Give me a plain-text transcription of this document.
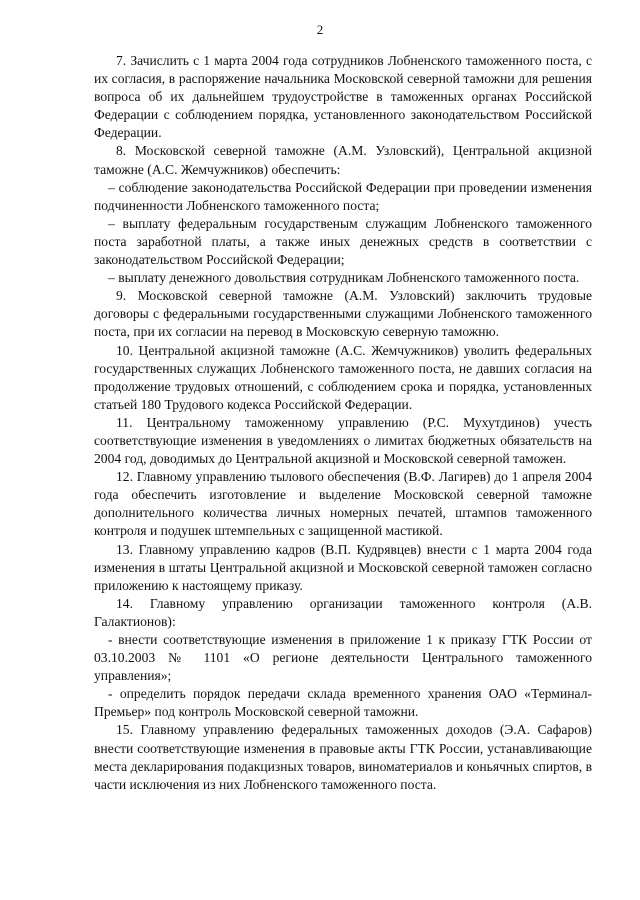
2

7. Зачислить с 1 марта 2004 года сотрудников Лобненского таможенного поста, с их согласия, в распоряжение начальника Московской северной таможни для решения вопроса об их дальнейшем трудоустройстве в таможенных органах Российской Федерации с соблюдением порядка, установленного законодательством Российской Федерации.

8. Московской северной таможне (А.М. Узловский), Центральной акцизной таможне (А.С. Жемчужников) обеспечить:

– соблюдение законодательства Российской Федерации при проведении изменения подчиненности Лобненского таможенного поста;

– выплату федеральным государственым служащим Лобненского таможенного поста заработной платы, а также иных денежных средств в соответствии с законодательством Российской Федерации;

– выплату денежного довольствия сотрудникам Лобненского таможенного поста.

9. Московской северной таможне (А.М. Узловский) заключить трудовые договоры с федеральными государственными служащими Лобненского таможенного поста, при их согласии на перевод в Московскую северную таможню.

10. Центральной акцизной таможне (А.С. Жемчужников) уволить федеральных государственных служащих Лобненского таможенного поста, не давших согласия на продолжение трудовых отношений, с соблюдением срока и порядка, установленных статьей 180 Трудового кодекса Российской Федерации.

11. Центральному таможенному управлению (Р.С. Мухутдинов) учесть соответствующие изменения в уведомлениях о лимитах бюджетных обязательств на 2004 год, доводимых до Центральной акцизной и Московской северной таможен.

12. Главному управлению тылового обеспечения (В.Ф. Лагирев) до 1 апреля 2004 года обеспечить изготовление и выделение Московской северной таможне дополнительного количества личных номерных печатей, штампов таможенного контроля и подушек штемпельных с защищенной мастикой.

13. Главному управлению кадров (В.П. Кудрявцев) внести с 1 марта 2004 года изменения в штаты Центральной акцизной и Московской северной таможен согласно приложению к настоящему приказу.

14. Главному управлению организации таможенного контроля (А.В. Галактионов):

- внести соответствующие изменения в приложение 1 к приказу ГТК России от 03.10.2003 № 1101 «О регионе деятельности Центрального таможенного управления»;

- определить порядок передачи склада временного хранения ОАО «Терминал-Премьер» под контроль Московской северной таможни.

15. Главному управлению федеральных таможенных доходов (Э.А. Сафаров) внести соответствующие изменения в правовые акты ГТК России, устанавливающие места декларирования подакцизных товаров, виноматериалов и коньячных спиртов, в части исключения из них Лобненского таможенного поста.
